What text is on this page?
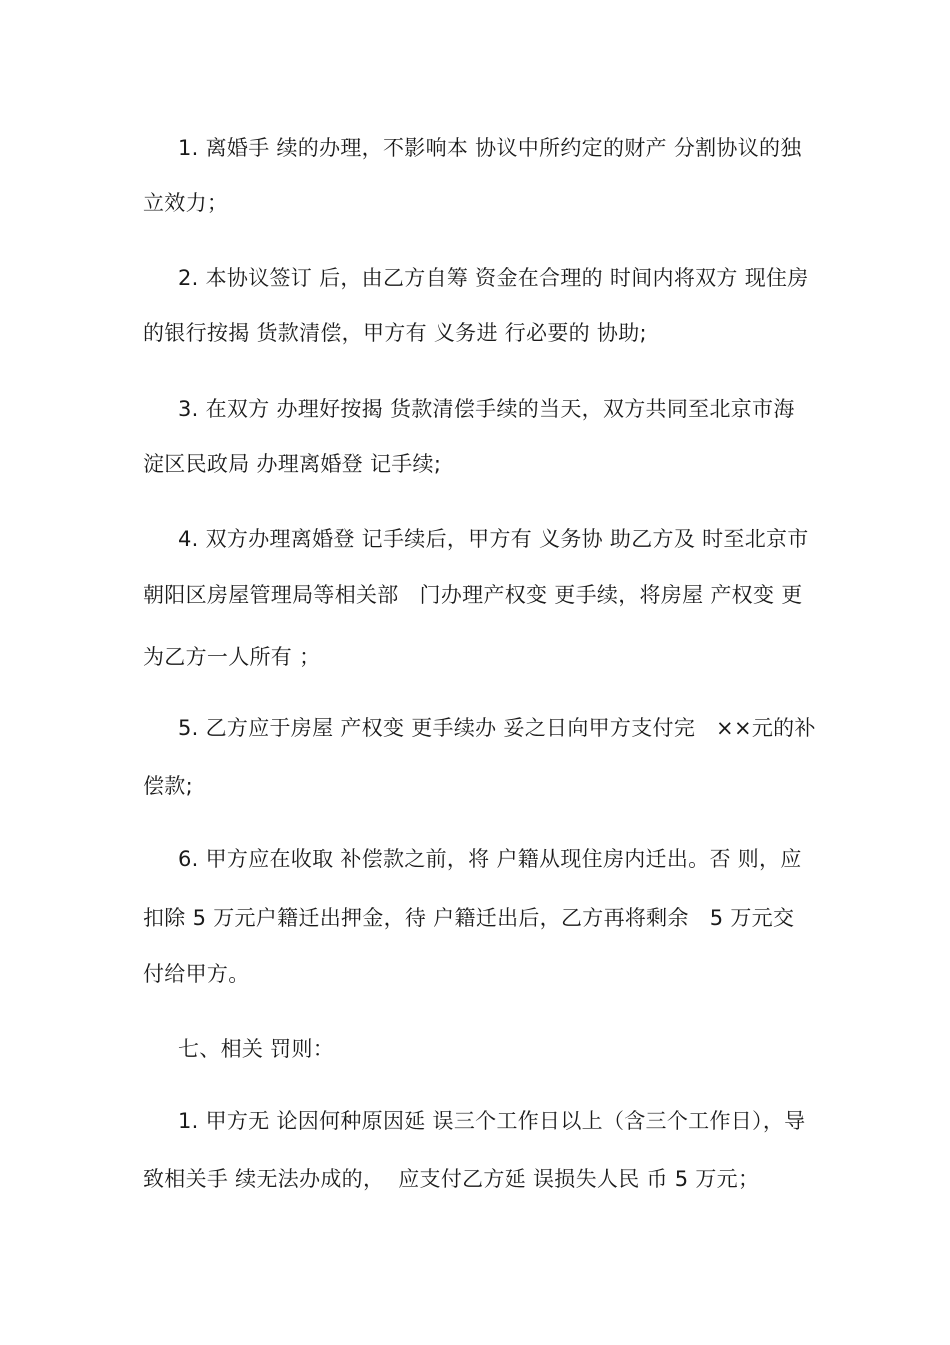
1. 离婚手 续的办理，不影响本 协议中所约定的财产 分割协议的独
立效力；
2. 本协议签订 后，由乙方自筹 资金在合理的 时间内将双方 现住房
的银行按揭 货款清偿，甲方有 义务进 行必要的 协助;
3. 在双方 办理好按揭 货款清偿手续的当天，双方共同至北京市海
淀区民政局 办理离婚登 记手续;
4. 双方办理离婚登 记手续后，甲方有 义务协 助乙方及 时至北京市
朝阳区房屋管理局等相关部   门办理产权变 更手续，将房屋 产权变 更
为乙方一人所有 ；
5. 乙方应于房屋 产权变 更手续办 妥之日向甲方支付完   ××元的补
偿款;
6. 甲方应在收取 补偿款之前，将 户籍从现住房内迁出。否 则，应
扣除 5 万元户籍迁出押金，待 户籍迁出后，乙方再将剩余   5 万元交
付给甲方。
七、相关 罚则：
1. 甲方无 论因何种原因延 误三个工作日以上（含三个工作日），导
致相关手 续无法办成的，  应支付乙方延 误损失人民 币 5 万元；
